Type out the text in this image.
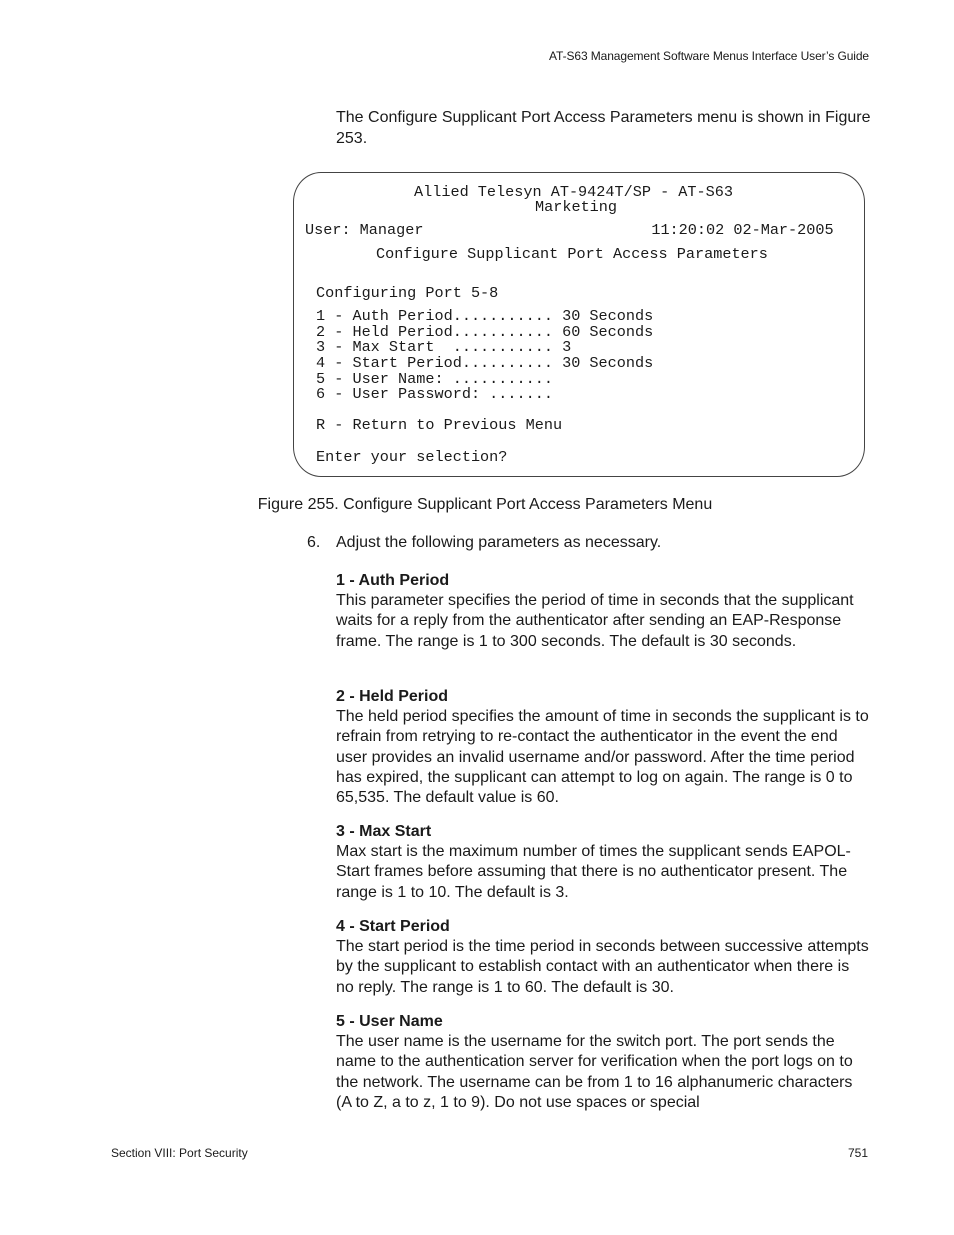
AT-S63 Management Software Menus Interface User’s Guide
The Configure Supplicant Port Access Parameters menu is shown in Figure 253.
Allied Telesyn AT-9424T/SP - AT-S63
Marketing
User: Manager                         11:20:02 02-Mar-2005
Configure Supplicant Port Access Parameters
Configuring Port 5-8
1 - Auth Period........... 30 Seconds
2 - Held Period........... 60 Seconds
3 - Max Start  ........... 3
4 - Start Period.......... 30 Seconds
5 - User Name: ...........
6 - User Password: .......
R - Return to Previous Menu
Enter your selection?
Figure 255. Configure Supplicant Port Access Parameters Menu
6. Adjust the following parameters as necessary.
1 - Auth Period
This parameter specifies the period of time in seconds that the supplicant waits for a reply from the authenticator after sending an EAP-Response frame. The range is 1 to 300 seconds. The default is 30 seconds.
2 - Held Period
The held period specifies the amount of time in seconds the supplicant is to refrain from retrying to re-contact the authenticator in the event the end user provides an invalid username and/or password. After the time period has expired, the supplicant can attempt to log on again. The range is 0 to 65,535. The default value is 60.
3 - Max Start
Max start is the maximum number of times the supplicant sends EAPOL-Start frames before assuming that there is no authenticator present. The range is 1 to 10. The default is 3.
4 - Start Period
The start period is the time period in seconds between successive attempts by the supplicant to establish contact with an authenticator when there is no reply. The range is 1 to 60. The default is 30.
5 - User Name
The user name is the username for the switch port. The port sends the name to the authentication server for verification when the port logs on to the network. The username can be from 1 to 16 alphanumeric characters (A to Z, a to z, 1 to 9). Do not use spaces or special
Section VIII: Port Security	751
